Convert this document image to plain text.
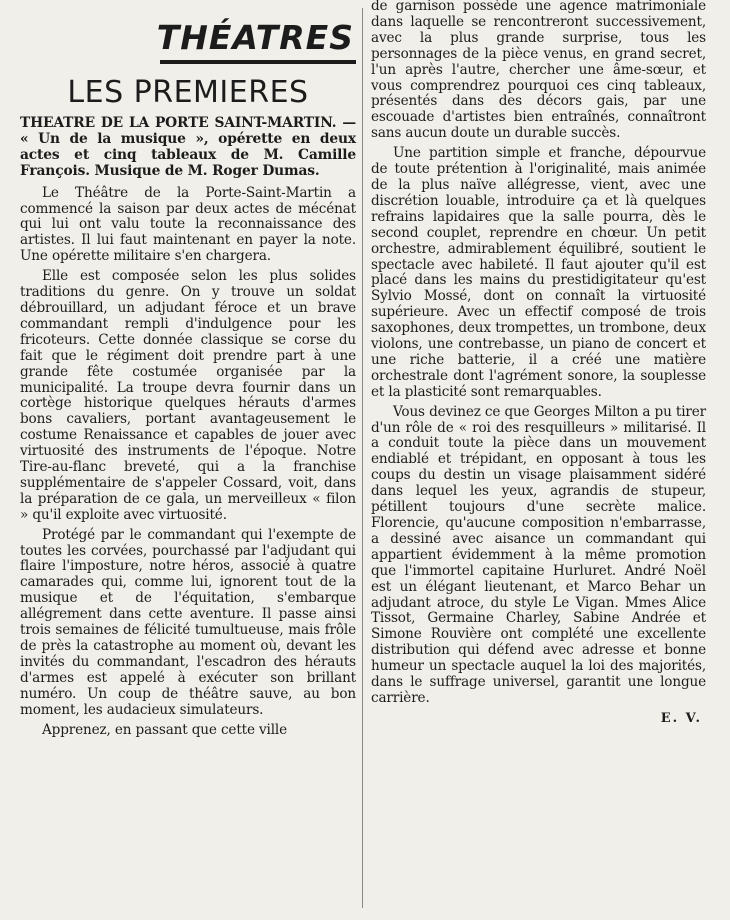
THÉATRES
LES PREMIERES
THEATRE DE LA PORTE SAINT-MARTIN. — « Un de la musique », opérette en deux actes et cinq tableaux de M. Camille François. Musique de M. Roger Dumas.

Le Théâtre de la Porte-Saint-Martin a commencé la saison par deux actes de mécénat qui lui ont valu toute la reconnaissance des artistes. Il lui faut maintenant en payer la note. Une opérette militaire s'en chargera.

Elle est composée selon les plus solides traditions du genre. On y trouve un soldat débrouillard, un adjudant féroce et un brave commandant rempli d'indulgence pour les fricoteurs. Cette donnée classique se corse du fait que le régiment doit prendre part à une grande fête costumée organisée par la municipalité. La troupe devra fournir dans un cortège historique quelques hérauts d'armes bons cavaliers, portant avantageusement le costume Renaissance et capables de jouer avec virtuosité des instruments de l'époque. Notre Tire-au-flanc breveté, qui a la franchise supplémentaire de s'appeler Cossard, voit, dans la préparation de ce gala, un merveilleux « filon » qu'il exploite avec virtuosité.

Protégé par le commandant qui l'exempte de toutes les corvées, pourchassé par l'adjudant qui flaire l'imposture, notre héros, associé à quatre camarades qui, comme lui, ignorent tout de la musique et de l'équitation, s'embarque allégrement dans cette aventure. Il passe ainsi trois semaines de félicité tumultueuse, mais frôle de près la catastrophe au moment où, devant les invités du commandant, l'escadron des hérauts d'armes est appelé à exécuter son brillant numéro. Un coup de théâtre sauve, au bon moment, les audacieux simulateurs.

Apprenez, en passant que cette ville

de garnison possède une agence matrimoniale dans laquelle se rencontreront successivement, avec la plus grande surprise, tous les personnages de la pièce venus, en grand secret, l'un après l'autre, chercher une âme-sœur, et vous comprendrez pourquoi ces cinq tableaux, présentés dans des décors gais, par une escouade d'artistes bien entraînés, connaîtront sans aucun doute un durable succès.

Une partition simple et franche, dépourvue de toute prétention à l'originalité, mais animée de la plus naïve allégresse, vient, avec une discrétion louable, introduire ça et là quelques refrains lapidaires que la salle pourra, dès le second couplet, reprendre en chœur. Un petit orchestre, admirablement équilibré, soutient le spectacle avec habileté. Il faut ajouter qu'il est placé dans les mains du prestidigitateur qu'est Sylvio Mossé, dont on connaît la virtuosité supérieure. Avec un effectif composé de trois saxophones, deux trompettes, un trombone, deux violons, une contrebasse, un piano de concert et une riche batterie, il a créé une matière orchestrale dont l'agrément sonore, la souplesse et la plasticité sont remarquables.

Vous devinez ce que Georges Milton a pu tirer d'un rôle de « roi des resquilleurs » militarisé. Il a conduit toute la pièce dans un mouvement endiablé et trépidant, en opposant à tous les coups du destin un visage plaisamment sidéré dans lequel les yeux, agrandis de stupeur, pétillent toujours d'une secrète malice. Florencie, qu'aucune composition n'embarrasse, a dessiné avec aisance un commandant qui appartient évidemment à la même promotion que l'immortel capitaine Hurluret. André Noël est un élégant lieutenant, et Marco Behar un adjudant atroce, du style Le Vigan. Mmes Alice Tissot, Germaine Charley, Sabine Andrée et Simone Rouvière ont complété une excellente distribution qui défend avec adresse et bonne humeur un spectacle auquel la loi des majorités, dans le suffrage universel, garantit une longue carrière.

E. V.
